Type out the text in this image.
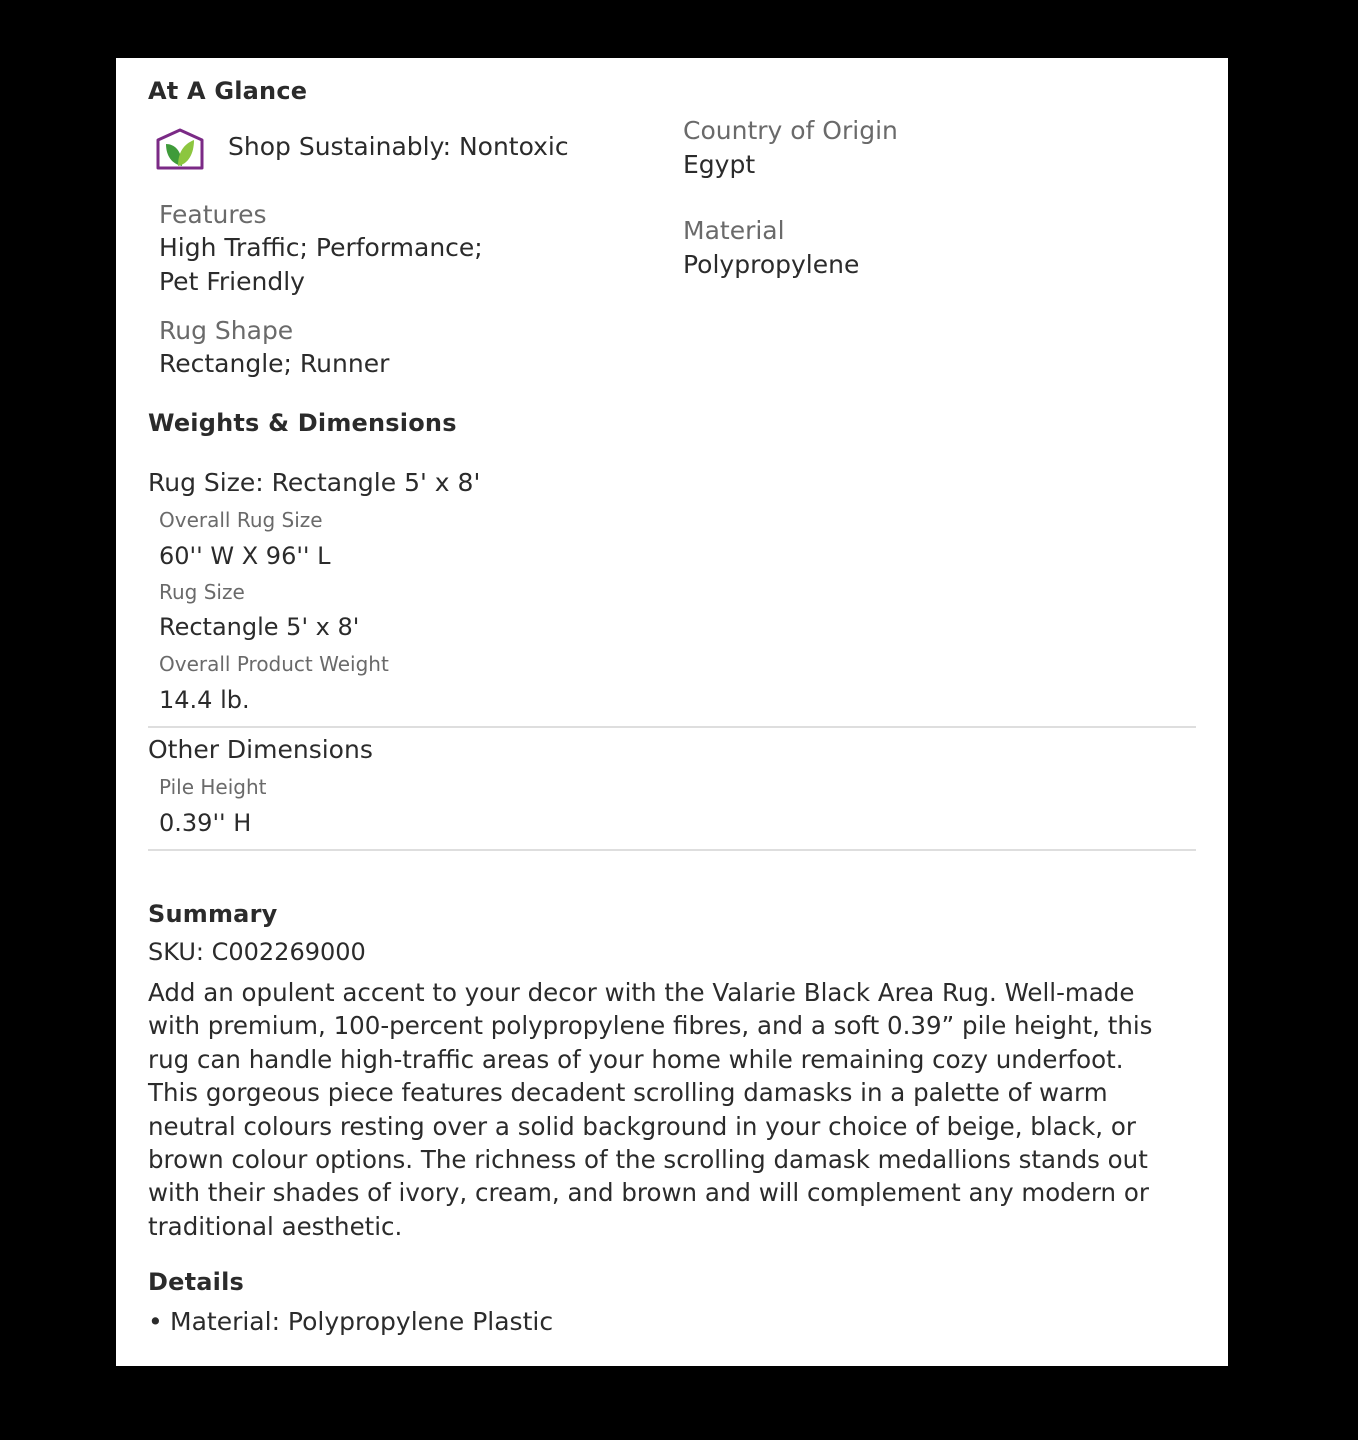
At A Glance
Shop Sustainably: Nontoxic
Features
High Traffic; Performance;
Pet Friendly
Rug Shape
Rectangle; Runner
Country of Origin
Egypt
Material
Polypropylene
Weights & Dimensions
Rug Size: Rectangle 5' x 8'
Overall Rug Size
60'' W X 96'' L
Rug Size
Rectangle 5' x 8'
Overall Product Weight
14.4 lb.
Other Dimensions
Pile Height
0.39'' H
Summary
SKU: C002269000
Add an opulent accent to your decor with the Valarie Black Area Rug. Well-made
with premium, 100-percent polypropylene fibres, and a soft 0.39” pile height, this
rug can handle high-traffic areas of your home while remaining cozy underfoot.
This gorgeous piece features decadent scrolling damasks in a palette of warm
neutral colours resting over a solid background in your choice of beige, black, or
brown colour options. The richness of the scrolling damask medallions stands out
with their shades of ivory, cream, and brown and will complement any modern or
traditional aesthetic.
Details
• Material: Polypropylene Plastic
